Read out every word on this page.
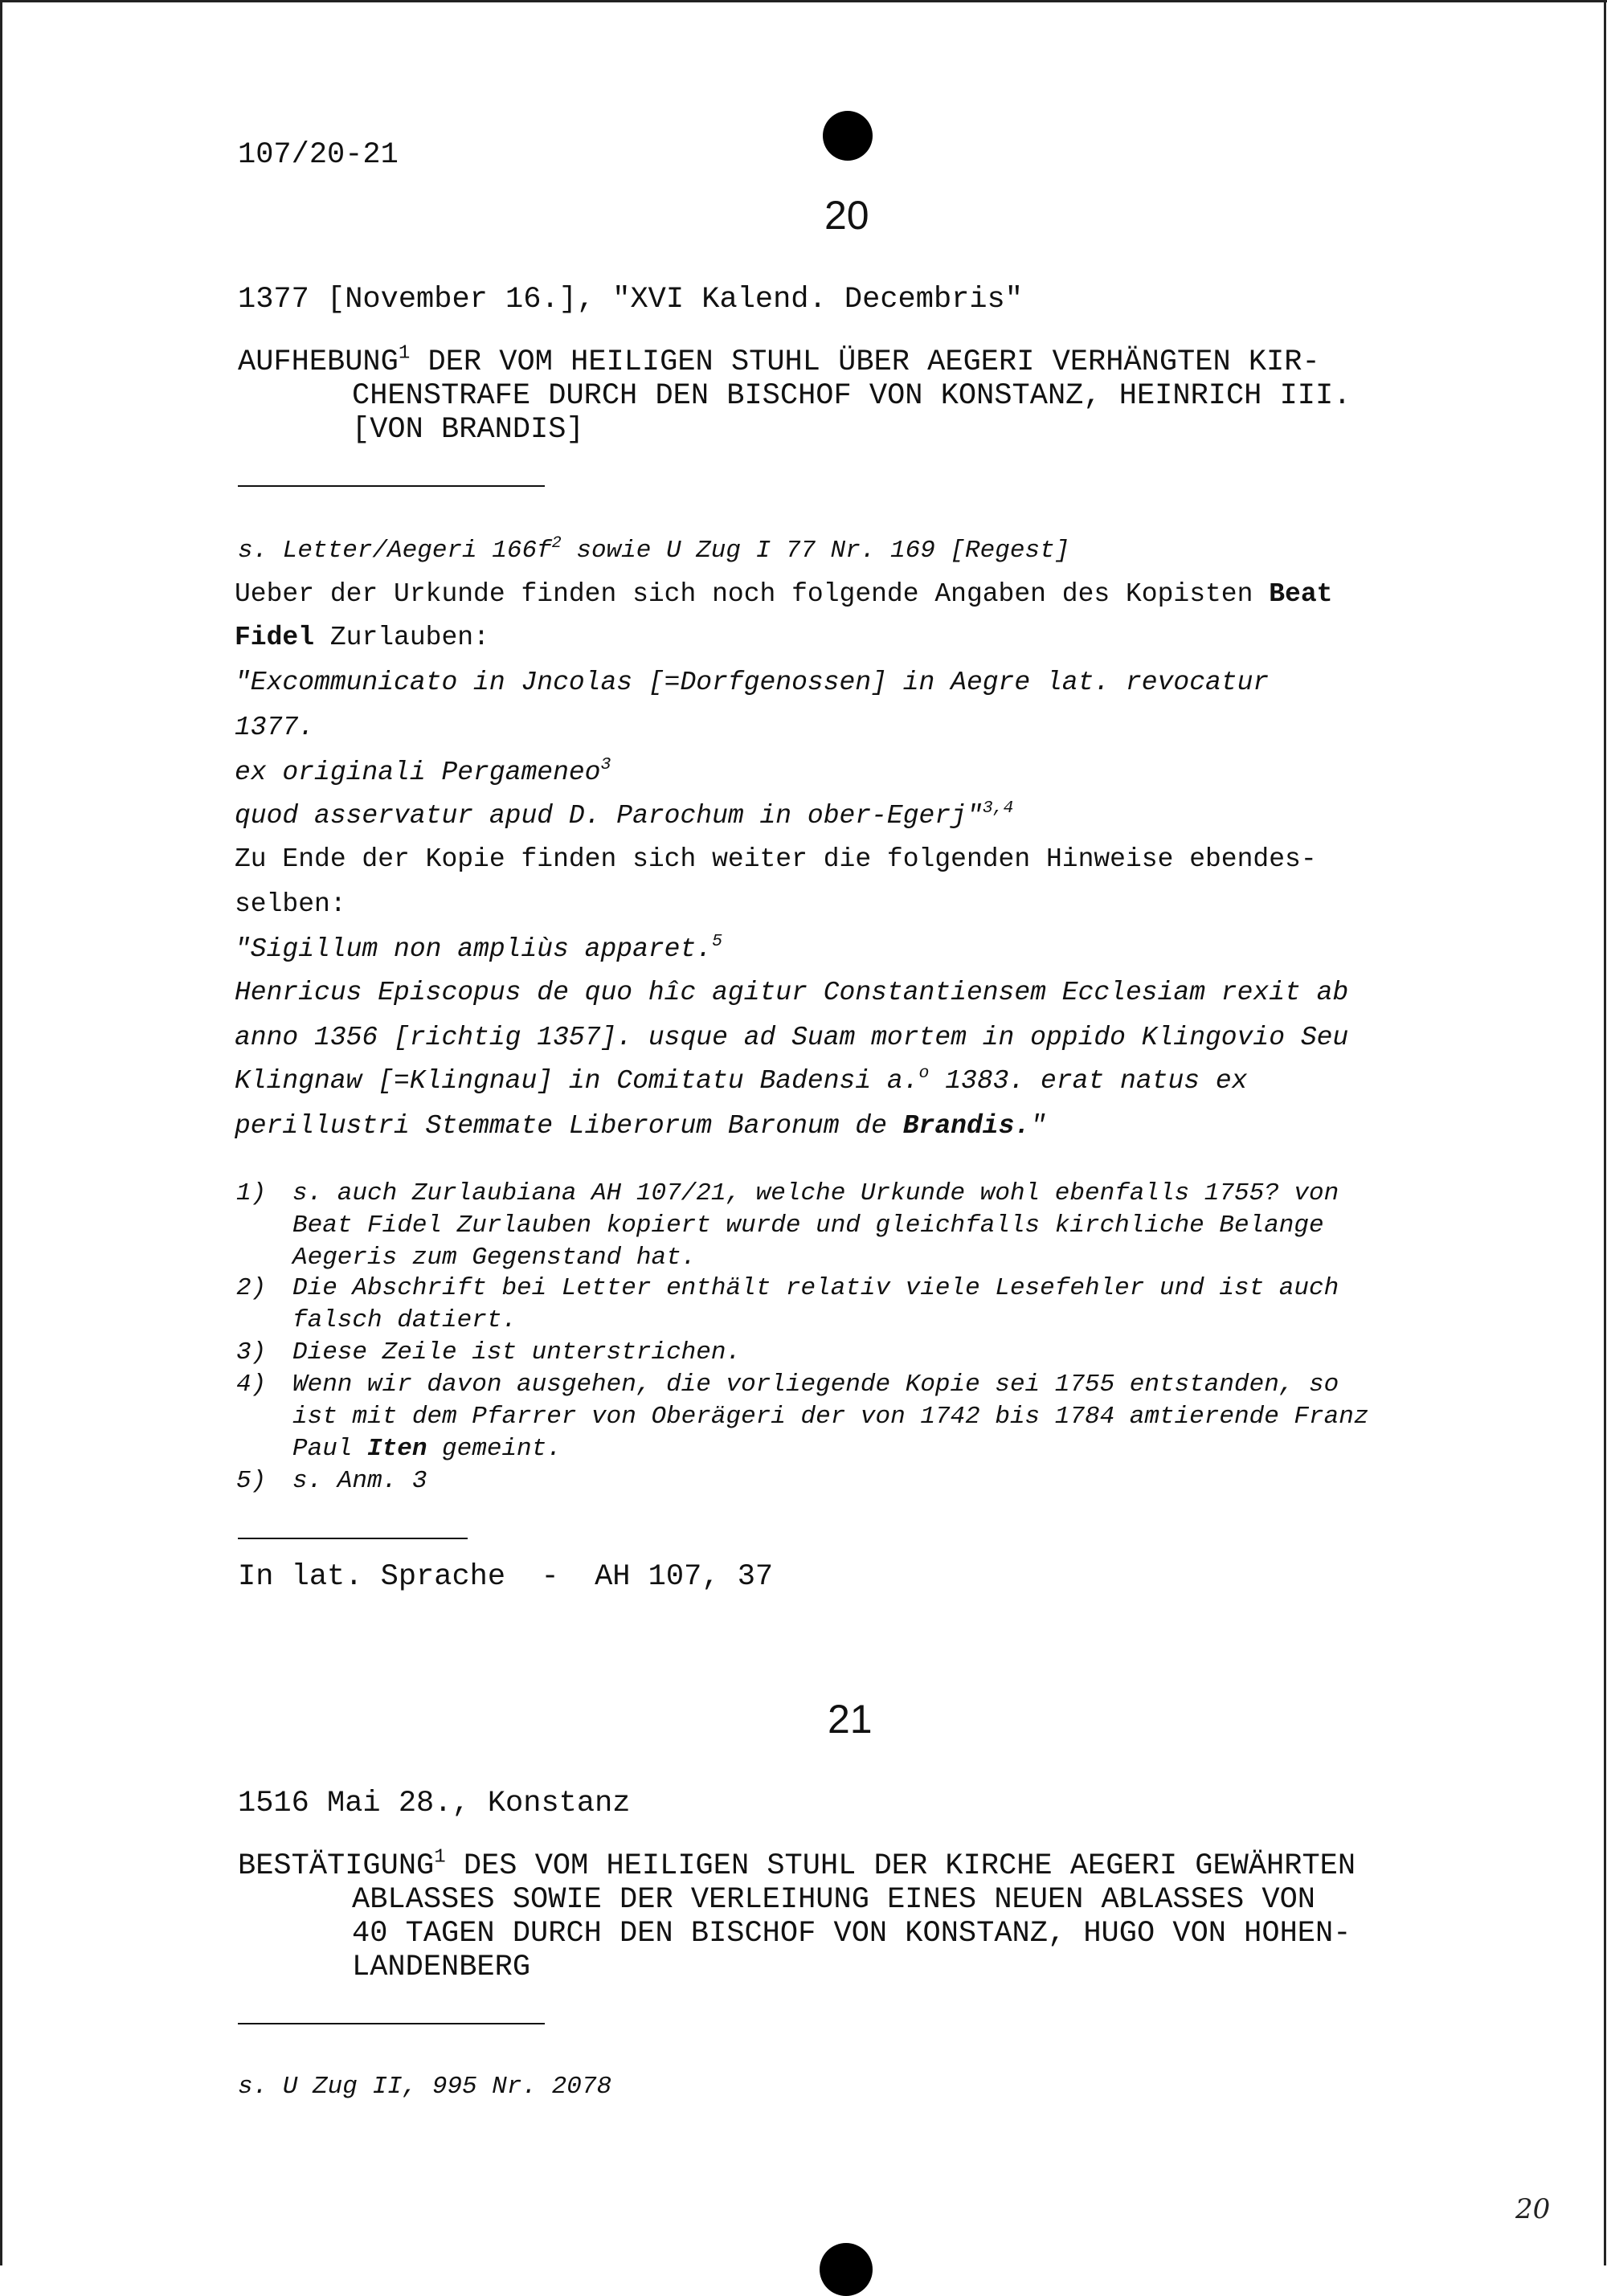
107/20-21
20
1377 [November 16.], "XVI Kalend. Decembris"
AUFHEBUNG$^1$ DER VOM HEILIGEN STUHL ÜBER AEGERI VERHÄNGTEN KIR-
CHENSTRAFE DURCH DEN BISCHOF VON KONSTANZ, HEINRICH III.
[VON BRANDIS]
s. Letter/Aegeri $166f^2$ sowie U Zug I 77 Nr. 169 [Regest]
Ueber der Urkunde finden sich noch folgende Angaben des Kopisten Beat
Fidel Zurlauben:
"Excommunicato in Jncolas [=Dorfgenossen] in Aegre lat. revocatur
1377.
ex originali Pergameneo$^3$
quod asservatur apud D. Parochum in ober-Egerj"$^{3,4}$
Zu Ende der Kopie finden sich weiter die folgenden Hinweise ebendes-
selben:
"Sigillum non ampliùs apparet.$^5$
Henricus Episcopus de quo hîc agitur Constantiensem Ecclesiam rexit ab
anno 1356 [richtig 1357]. usque ad Suam mortem in oppido Klingovio Seu
Klingnaw [=Klingnau] in Comitatu Badensi a.$^o$ 1383. erat natus ex
perillustri Stemmate Liberorum Baronum de Brandis."
1) s. auch Zurlaubiana AH 107/21, welche Urkunde wohl ebenfalls 1755? von
Beat Fidel Zurlauben kopiert wurde und gleichfalls kirchliche Belange
Aegeris zum Gegenstand hat.
2) Die Abschrift bei Letter enthält relativ viele Lesefehler und ist auch
falsch datiert.
3) Diese Zeile ist unterstrichen.
4) Wenn wir davon ausgehen, die vorliegende Kopie sei 1755 entstanden, so
ist mit dem Pfarrer von Oberägeri der von 1742 bis 1784 amtierende Franz
Paul Iten gemeint.
5) s. Anm. 3
In lat. Sprache  -  AH 107, 37
21
1516 Mai 28., Konstanz
BESTÄTIGUNG$^1$ DES VOM HEILIGEN STUHL DER KIRCHE AEGERI GEWÄHRTEN
ABLASSES SOWIE DER VERLEIHUNG EINES NEUEN ABLASSES VON
40 TAGEN DURCH DEN BISCHOF VON KONSTANZ, HUGO VON HOHEN-
LANDENBERG
s. U Zug II, 995 Nr. 2078
20
